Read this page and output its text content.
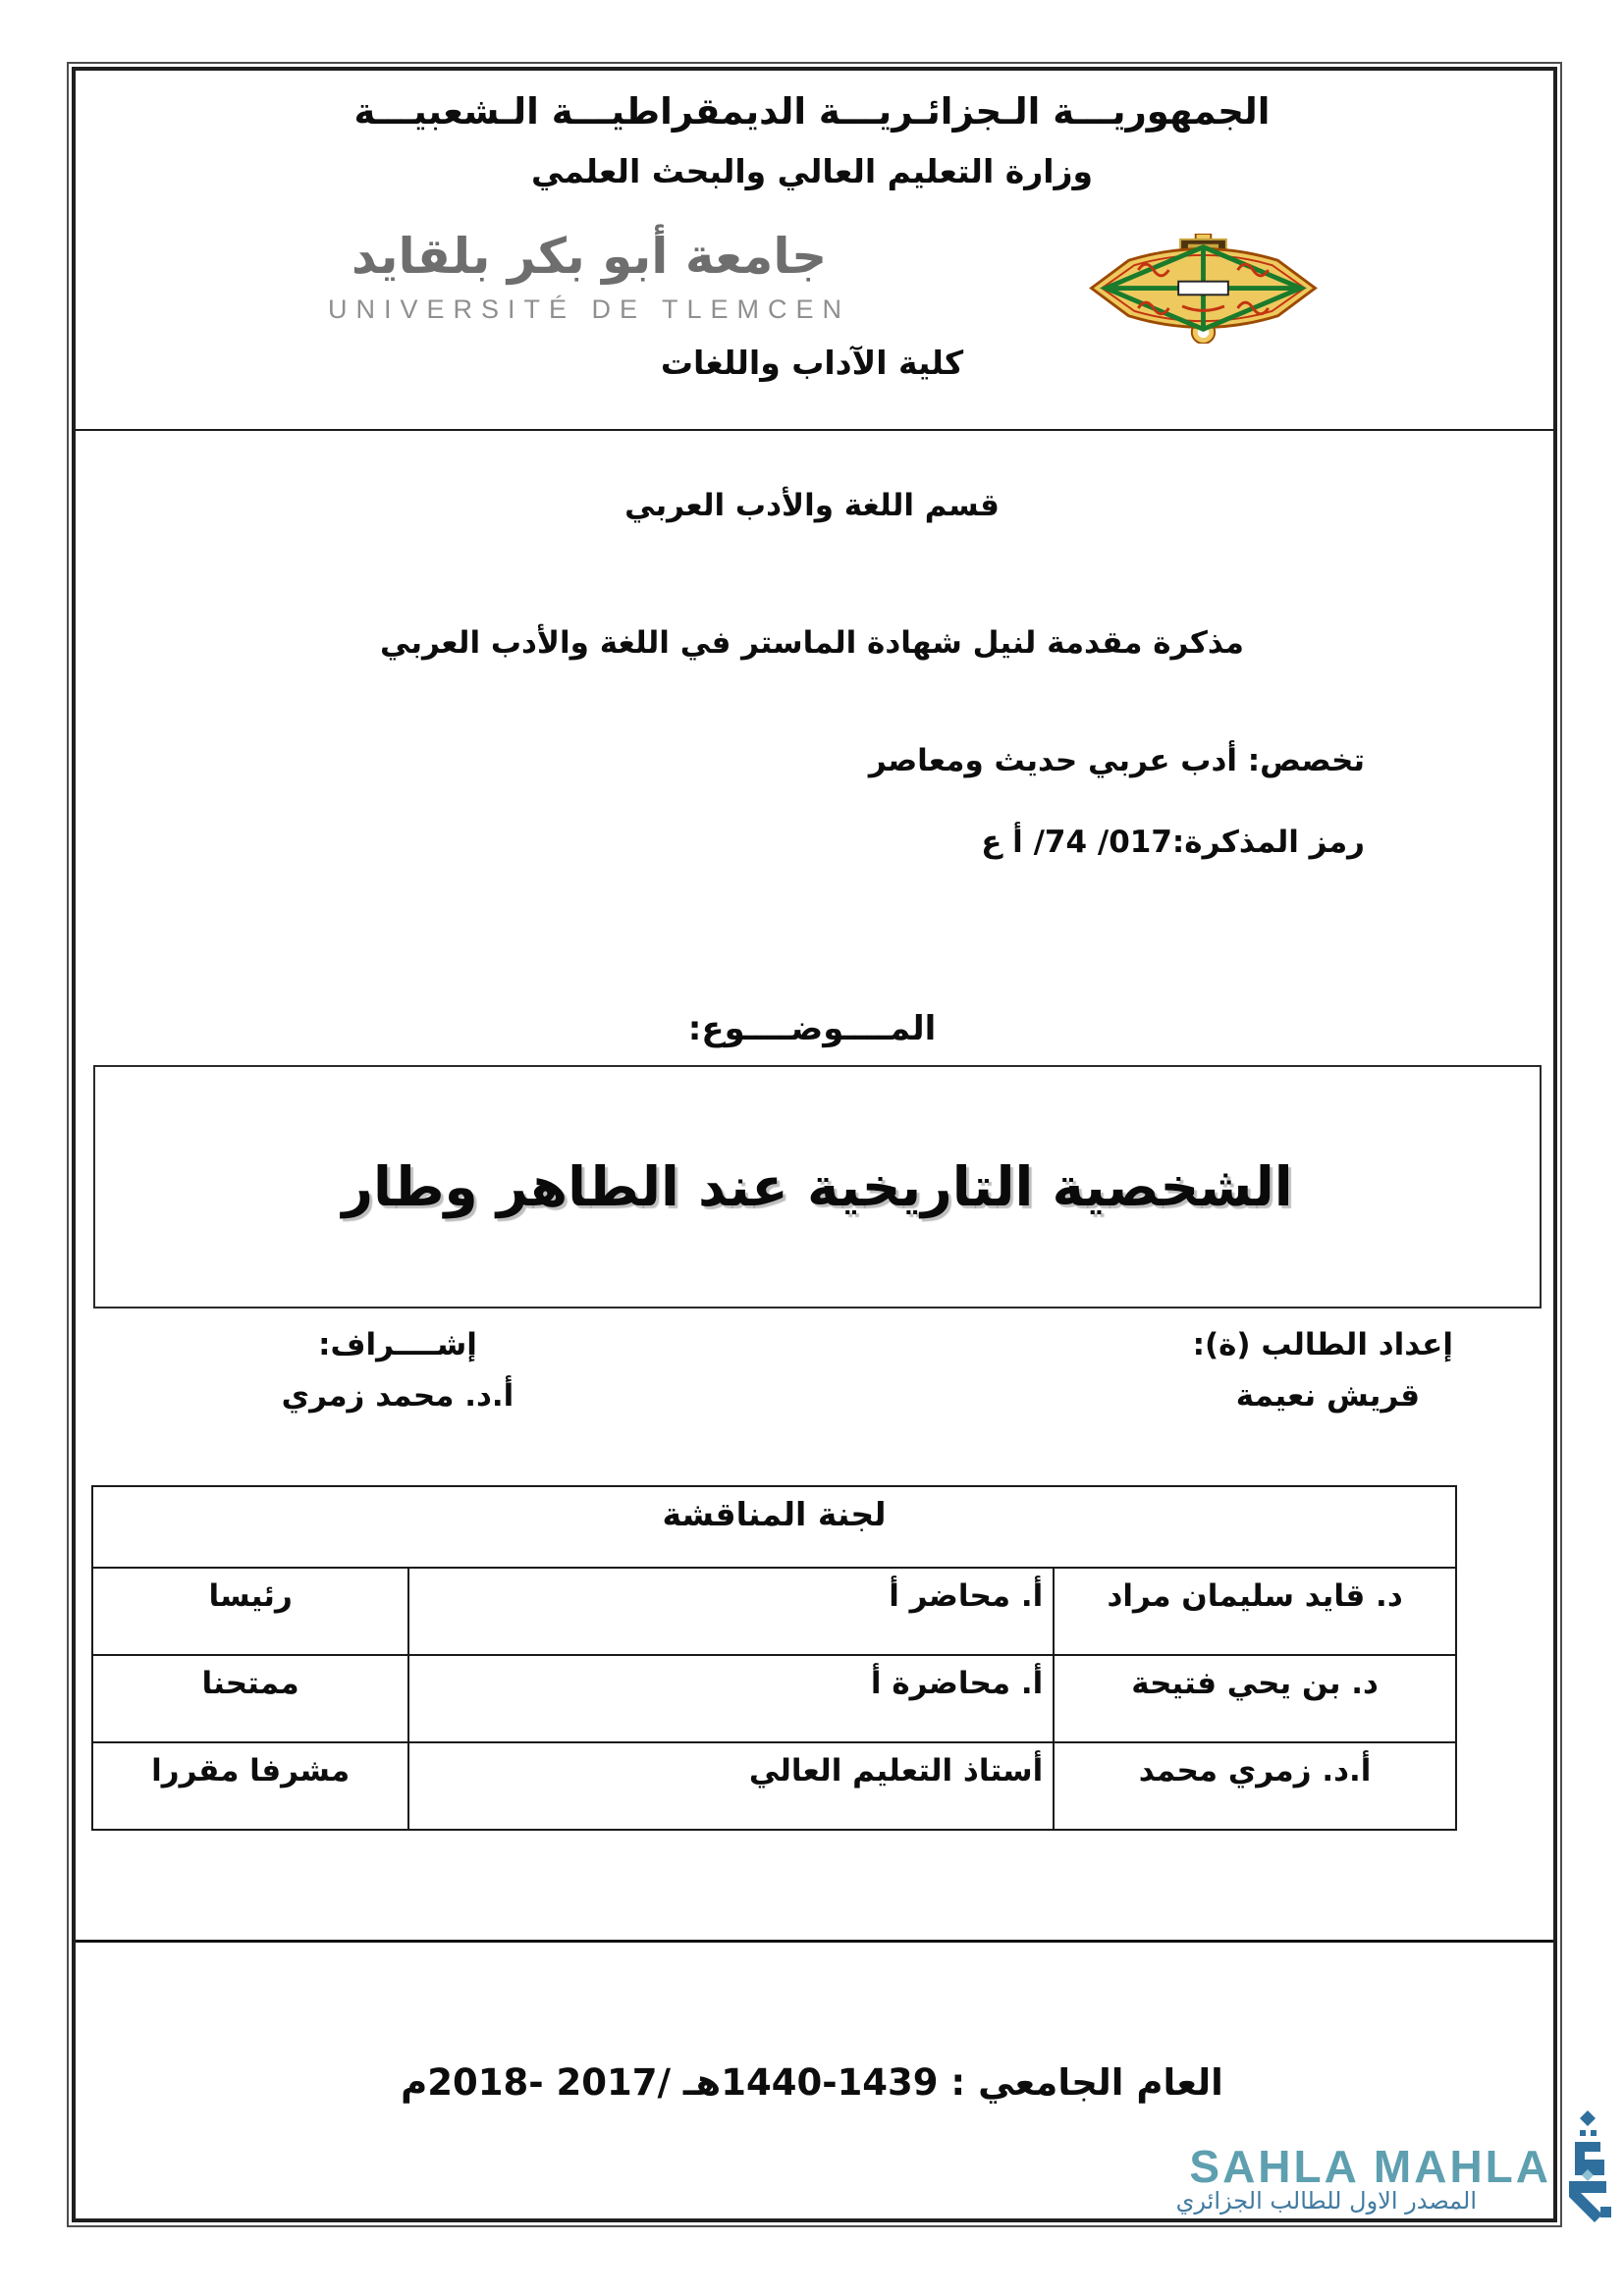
الجمهوريـــة الـجزائـريـــة الديمقراطيـــة الـشعبيـــة
وزارة التعليم العالي والبحث العلمي
جامعة أبو بكر بلقايد
UNIVERSITÉ DE TLEMCEN
كلية الآداب واللغات
قسم اللغة والأدب العربي
مذكرة مقدمة لنيل شهادة الماستر في اللغة والأدب العربي
تخصص: أدب عربي حديث ومعاصر
رمز المذكرة:017/ 74/ أ ع
المــــوضــــوع:
الشخصية التاريخية عند الطاهر وطار
إعداد الطالب (ة):
قريش نعيمة
إشــــراف:
أ.د. محمد زمري
لجنة المناقشة		
د. قايد سليمان مراد	أ. محاضر أ	رئيسا
د. بن يحي فتيحة	أ. محاضرة أ	ممتحنا
أ.د. زمري محمد	أستاذ التعليم العالي	مشرفا مقررا
العام الجامعي : 1439-1440هـ /2017 -2018م
SAHLA MAHLA
المصدر الاول للطالب الجزائري
